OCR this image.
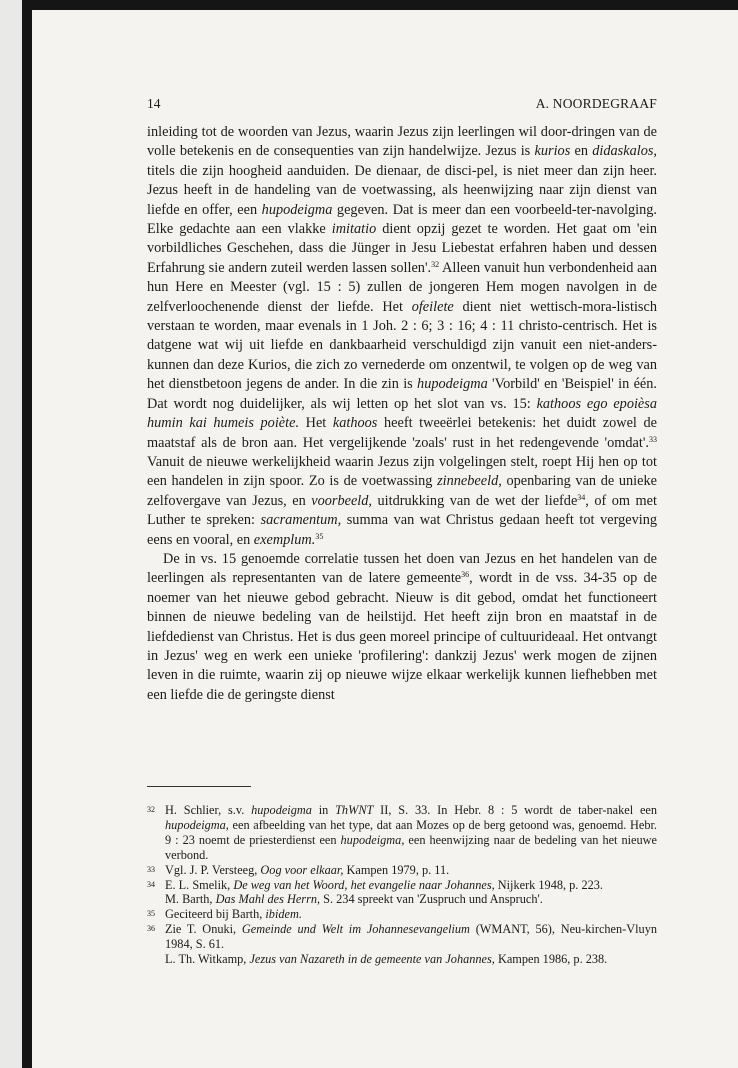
14	A. NOORDEGRAAF

inleiding tot de woorden van Jezus, waarin Jezus zijn leerlingen wil door-dringen van de volle betekenis en de consequenties van zijn handelwijze. Jezus is kurios en didaskalos, titels die zijn hoogheid aanduiden. De dienaar, de disci-pel, is niet meer dan zijn heer. Jezus heeft in de handeling van de voetwassing, als heenwijzing naar zijn dienst van liefde en offer, een hupodeigma gegeven. Dat is meer dan een voorbeeld-ter-navolging. Elke gedachte aan een vlakke imitatio dient opzij gezet te worden. Het gaat om 'ein vorbildliches Geschehen, dass die Jünger in Jesu Liebestat erfahren haben und dessen Erfahrung sie andern zuteil werden lassen sollen'.$^{32}$ Alleen vanuit hun verbondenheid aan hun Here en Meester (vgl. 15 : 5) zullen de jongeren Hem mogen navolgen in de zelfverloochenende dienst der liefde. Het ofeilete dient niet wettisch-mora-listisch verstaan te worden, maar evenals in 1 Joh. 2 : 6; 3 : 16; 4 : 11 christo-centrisch. Het is datgene wat wij uit liefde en dankbaarheid verschuldigd zijn vanuit een niet-anders-kunnen dan deze Kurios, die zich zo vernederde om onzentwil, te volgen op de weg van het dienstbetoon jegens de ander. In die zin is hupodeigma 'Vorbild' en 'Beispiel' in één. Dat wordt nog duidelijker, als wij letten op het slot van vs. 15: kathoos ego epoièsa humin kai humeis poiète. Het kathoos heeft tweeërlei betekenis: het duidt zowel de maatstaf als de bron aan. Het vergelijkende 'zoals' rust in het redengevende 'omdat'.$^{33}$ Vanuit de nieuwe werkelijkheid waarin Jezus zijn volgelingen stelt, roept Hij hen op tot een handelen in zijn spoor. Zo is de voetwassing zinnebeeld, openbaring van de unieke zelfovergave van Jezus, en voorbeeld, uitdrukking van de wet der liefde$^{34}$, of om met Luther te spreken: sacramentum, summa van wat Christus gedaan heeft tot vergeving eens en vooral, en exemplum.$^{35}$

De in vs. 15 genoemde correlatie tussen het doen van Jezus en het handelen van de leerlingen als representanten van de latere gemeente$^{36}$, wordt in de vss. 34-35 op de noemer van het nieuwe gebod gebracht. Nieuw is dit gebod, omdat het functioneert binnen de nieuwe bedeling van de heilstijd. Het heeft zijn bron en maatstaf in de liefdedienst van Christus. Het is dus geen moreel principe of cultuurideaal. Het ontvangt in Jezus' weg en werk een unieke 'profilering': dankzij Jezus' werk mogen de zijnen leven in die ruimte, waarin zij op nieuwe wijze elkaar werkelijk kunnen liefhebben met een liefde die de geringste dienst

32 H. Schlier, s.v. hupodeigma in ThWNT II, S. 33. In Hebr. 8 : 5 wordt de taber-nakel een hupodeigma, een afbeelding van het type, dat aan Mozes op de berg getoond was, genoemd. Hebr. 9 : 23 noemt de priesterdienst een hupodeigma, een heenwijzing naar de bedeling van het nieuwe verbond.
33 Vgl. J. P. Versteeg, Oog voor elkaar, Kampen 1979, p. 11.
34 E. L. Smelik, De weg van het Woord, het evangelie naar Johannes, Nijkerk 1948, p. 223.
M. Barth, Das Mahl des Herrn, S. 234 spreekt van 'Zuspruch und Anspruch'.
35 Geciteerd bij Barth, ibidem.
36 Zie T. Onuki, Gemeinde und Welt im Johannesevangelium (WMANT, 56), Neu-kirchen-Vluyn 1984, S. 61.
L. Th. Witkamp, Jezus van Nazareth in de gemeente van Johannes, Kampen 1986, p. 238.
